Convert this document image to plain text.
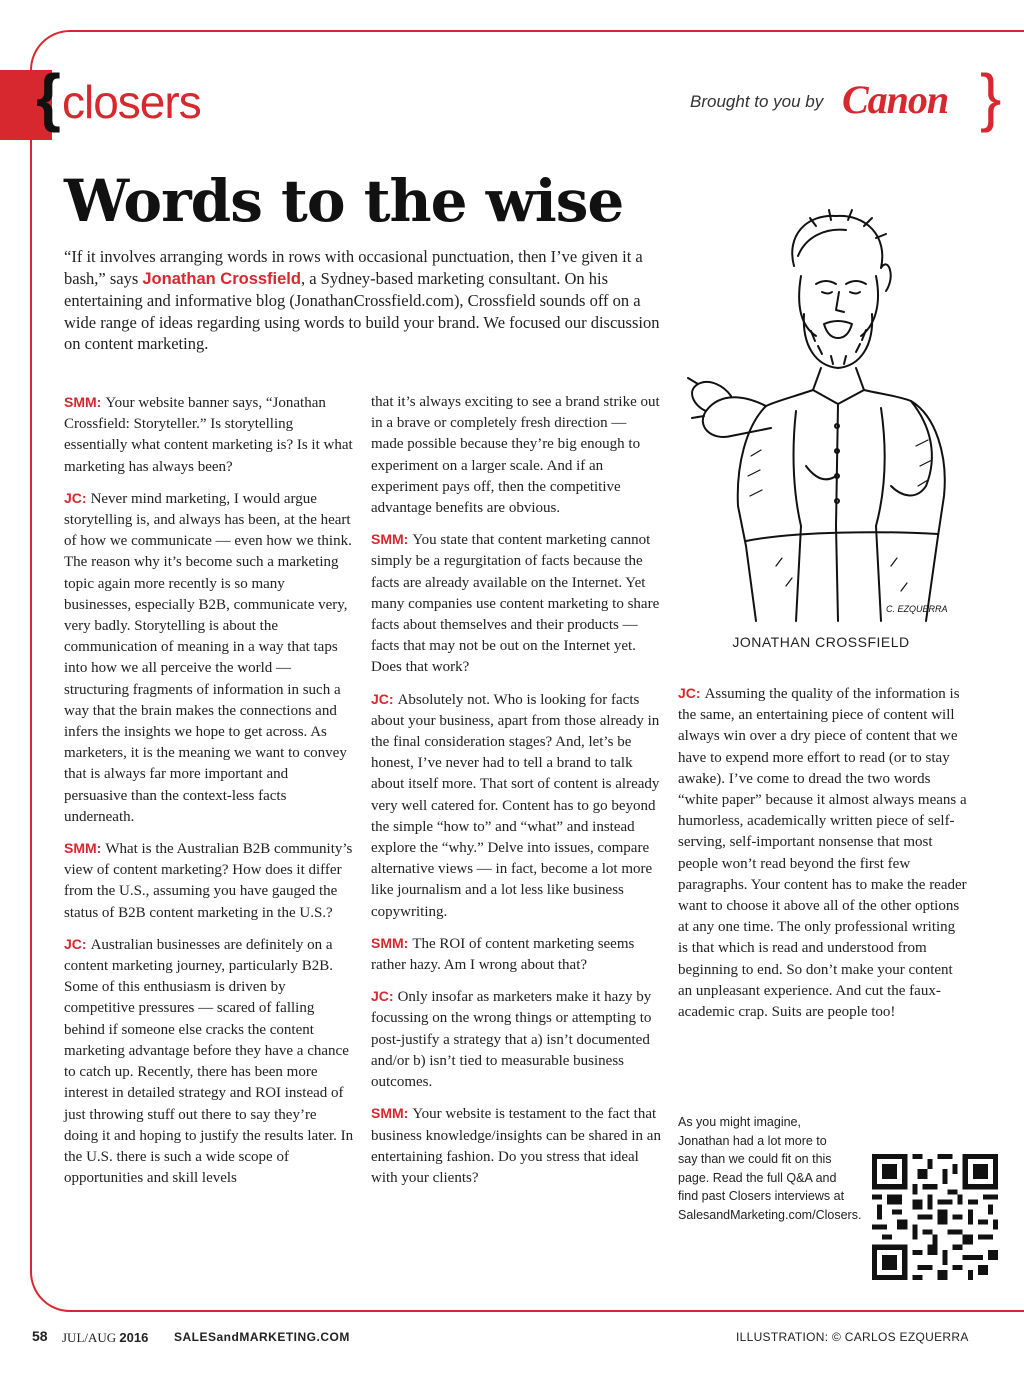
{ closers	Brought to you by Canon }
Words to the wise
“If it involves arranging words in rows with occasional punctuation, then I’ve given it a bash,” says Jonathan Crossfield, a Sydney-based marketing consultant. On his entertaining and informative blog (JonathanCrossfield.com), Crossfield sounds off on a wide range of ideas regarding using words to build your brand. We focused our discussion on content marketing.
C. EZQUERRA
JONATHAN CROSSFIELD

SMM: Your website banner says, “Jonathan Crossfield: Storyteller.” Is storytelling essentially what content marketing is? Is it what marketing has always been?

JC: Never mind marketing, I would argue storytelling is, and always has been, at the heart of how we communicate — even how we think. The reason why it’s become such a marketing topic again more recently is so many businesses, especially B2B, communicate very, very badly. Storytelling is about the communication of meaning in a way that taps into how we all perceive the world — structuring fragments of information in such a way that the brain makes the connections and infers the insights we hope to get across. As marketers, it is the meaning we want to convey that is always far more important and persuasive than the context-less facts underneath.

SMM: What is the Australian B2B community’s view of content marketing? How does it differ from the U.S., assuming you have gauged the status of B2B content marketing in the U.S.?

JC: Australian businesses are definitely on a content marketing journey, particularly B2B. Some of this enthusiasm is driven by competitive pressures — scared of falling behind if someone else cracks the content marketing advantage before they have a chance to catch up. Recently, there has been more interest in detailed strategy and ROI instead of just throwing stuff out there to say they’re doing it and hoping to justify the results later. In the U.S. there is such a wide scope of opportunities and skill levels

that it’s always exciting to see a brand strike out in a brave or completely fresh direction — made possible because they’re big enough to experiment on a larger scale. And if an experiment pays off, then the competitive advantage benefits are obvious.

SMM: You state that content marketing cannot simply be a regurgitation of facts because the facts are already available on the Internet. Yet many companies use content marketing to share facts about themselves and their products — facts that may not be out on the Internet yet. Does that work?

JC: Absolutely not. Who is looking for facts about your business, apart from those already in the final consideration stages? And, let’s be honest, I’ve never had to tell a brand to talk about itself more. That sort of content is already very well catered for. Content has to go beyond the simple “how to” and “what” and instead explore the “why.” Delve into issues, compare alternative views — in fact, become a lot more like journalism and a lot less like business copywriting.

SMM: The ROI of content marketing seems rather hazy. Am I wrong about that?

JC: Only insofar as marketers make it hazy by focussing on the wrong things or attempting to post-justify a strategy that a) isn’t documented and/or b) isn’t tied to measurable business outcomes.

SMM: Your website is testament to the fact that business knowledge/insights can be shared in an entertaining fashion. Do you stress that ideal with your clients?

JC: Assuming the quality of the information is the same, an entertaining piece of content will always win over a dry piece of content that we have to expend more effort to read (or to stay awake). I’ve come to dread the two words “white paper” because it almost always means a humorless, academically written piece of self-serving, self-important nonsense that most people won’t read beyond the first few paragraphs. Your content has to make the reader want to choose it above all of the other options at any one time. The only professional writing is that which is read and understood from beginning to end. So don’t make your content an unpleasant experience. And cut the faux-academic crap. Suits are people too!

As you might imagine, Jonathan had a lot more to say than we could fit on this page. Read the full Q&A and find past Closers interviews at SalesandMarketing.com/Closers.
58 JUL/AUG 2016 SALESandMARKETING.COM	ILLUSTRATION: © CARLOS EZQUERRA
